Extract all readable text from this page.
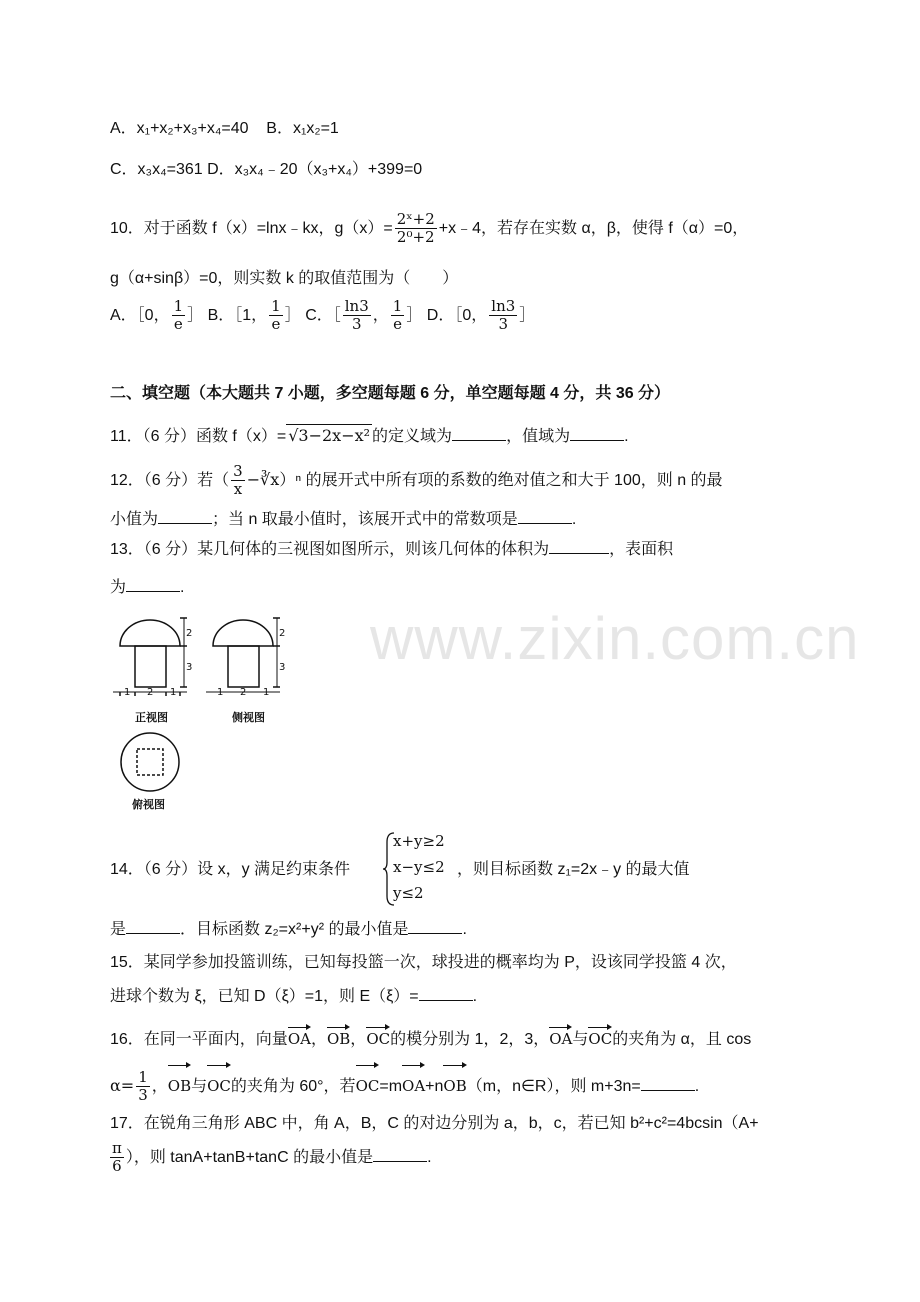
www.zixin.com.cn
A．x₁+x₂+x₃+x₄=40 B．x₁x₂=1
C．x₃x₄=361 D．x₃x₄﹣20（x₃+x₄）+399=0
10．对于函数 f（x）=lnx﹣kx，$g(x)= \frac{\text{2ˣ+2}}{\text{2⁰+2}}$ +x﹣4，若存在实数 α，β，使得 f（α）=0，
g（α+sinβ）=0，则实数 k 的取值范围为（　　）
A．［0， $\frac{1}{e}$ ］ B．［1， $\frac{1}{e}$ ］ C．［ $\frac{\ln 3}{3}$ ， $\frac{1}{e}$ ］ D．［0， $\frac{\ln 3}{3}$ ］
二、填空题（本大题共 7 小题，多空题每题 6 分，单空题每题 4 分，共 36 分）
11．（6 分）函数 f（x）= √3−2x−x² 的定义域为	，值域为	.
12．（6 分）若（ $\frac{3}{x}$ −∛x）ⁿ 的展开式中所有项的系数的绝对值之和大于 100，则 n 的最
小值为	；当 n 取最小值时，该展开式中的常数项是	.
13．（6 分）某几何体的三视图如图所示，则该几何体的体积为	，表面积
为	.
2
3
1 2 1
2
3
1 2 1
正视图	侧视图
俯视图
14．（6 分）设 x，y 满足约束条件
x+y≥2
x−y≤2
y≤2
，则目标函数 z₁=2x﹣y 的最大值
是	．目标函数 z₂=x²+y² 的最小值是	.
15．某同学参加投篮训练，已知每投篮一次，球投进的概率均为 P，设该同学投篮 4 次，
进球个数为 ξ，已知 D（ξ）=1，则 E（ξ）=	.
16．在同一平面内，向量OA，OB，OC的模分别为 1，2，3，OA与OC的夹角为 α，且 cos
$\alpha= \frac{1}{3}$ ，OB与OC的夹角为 60°，若OC=mOA+nOB（m，n∈R），则 m+3n=	.
17．在锐角三角形 ABC 中，角 A，B，C 的对边分别为 a，b，c，若已知 b²+c²=4bcsin（A+
$\frac{\pi}{6}$ ），则 tanA+tanB+tanC 的最小值是	.
